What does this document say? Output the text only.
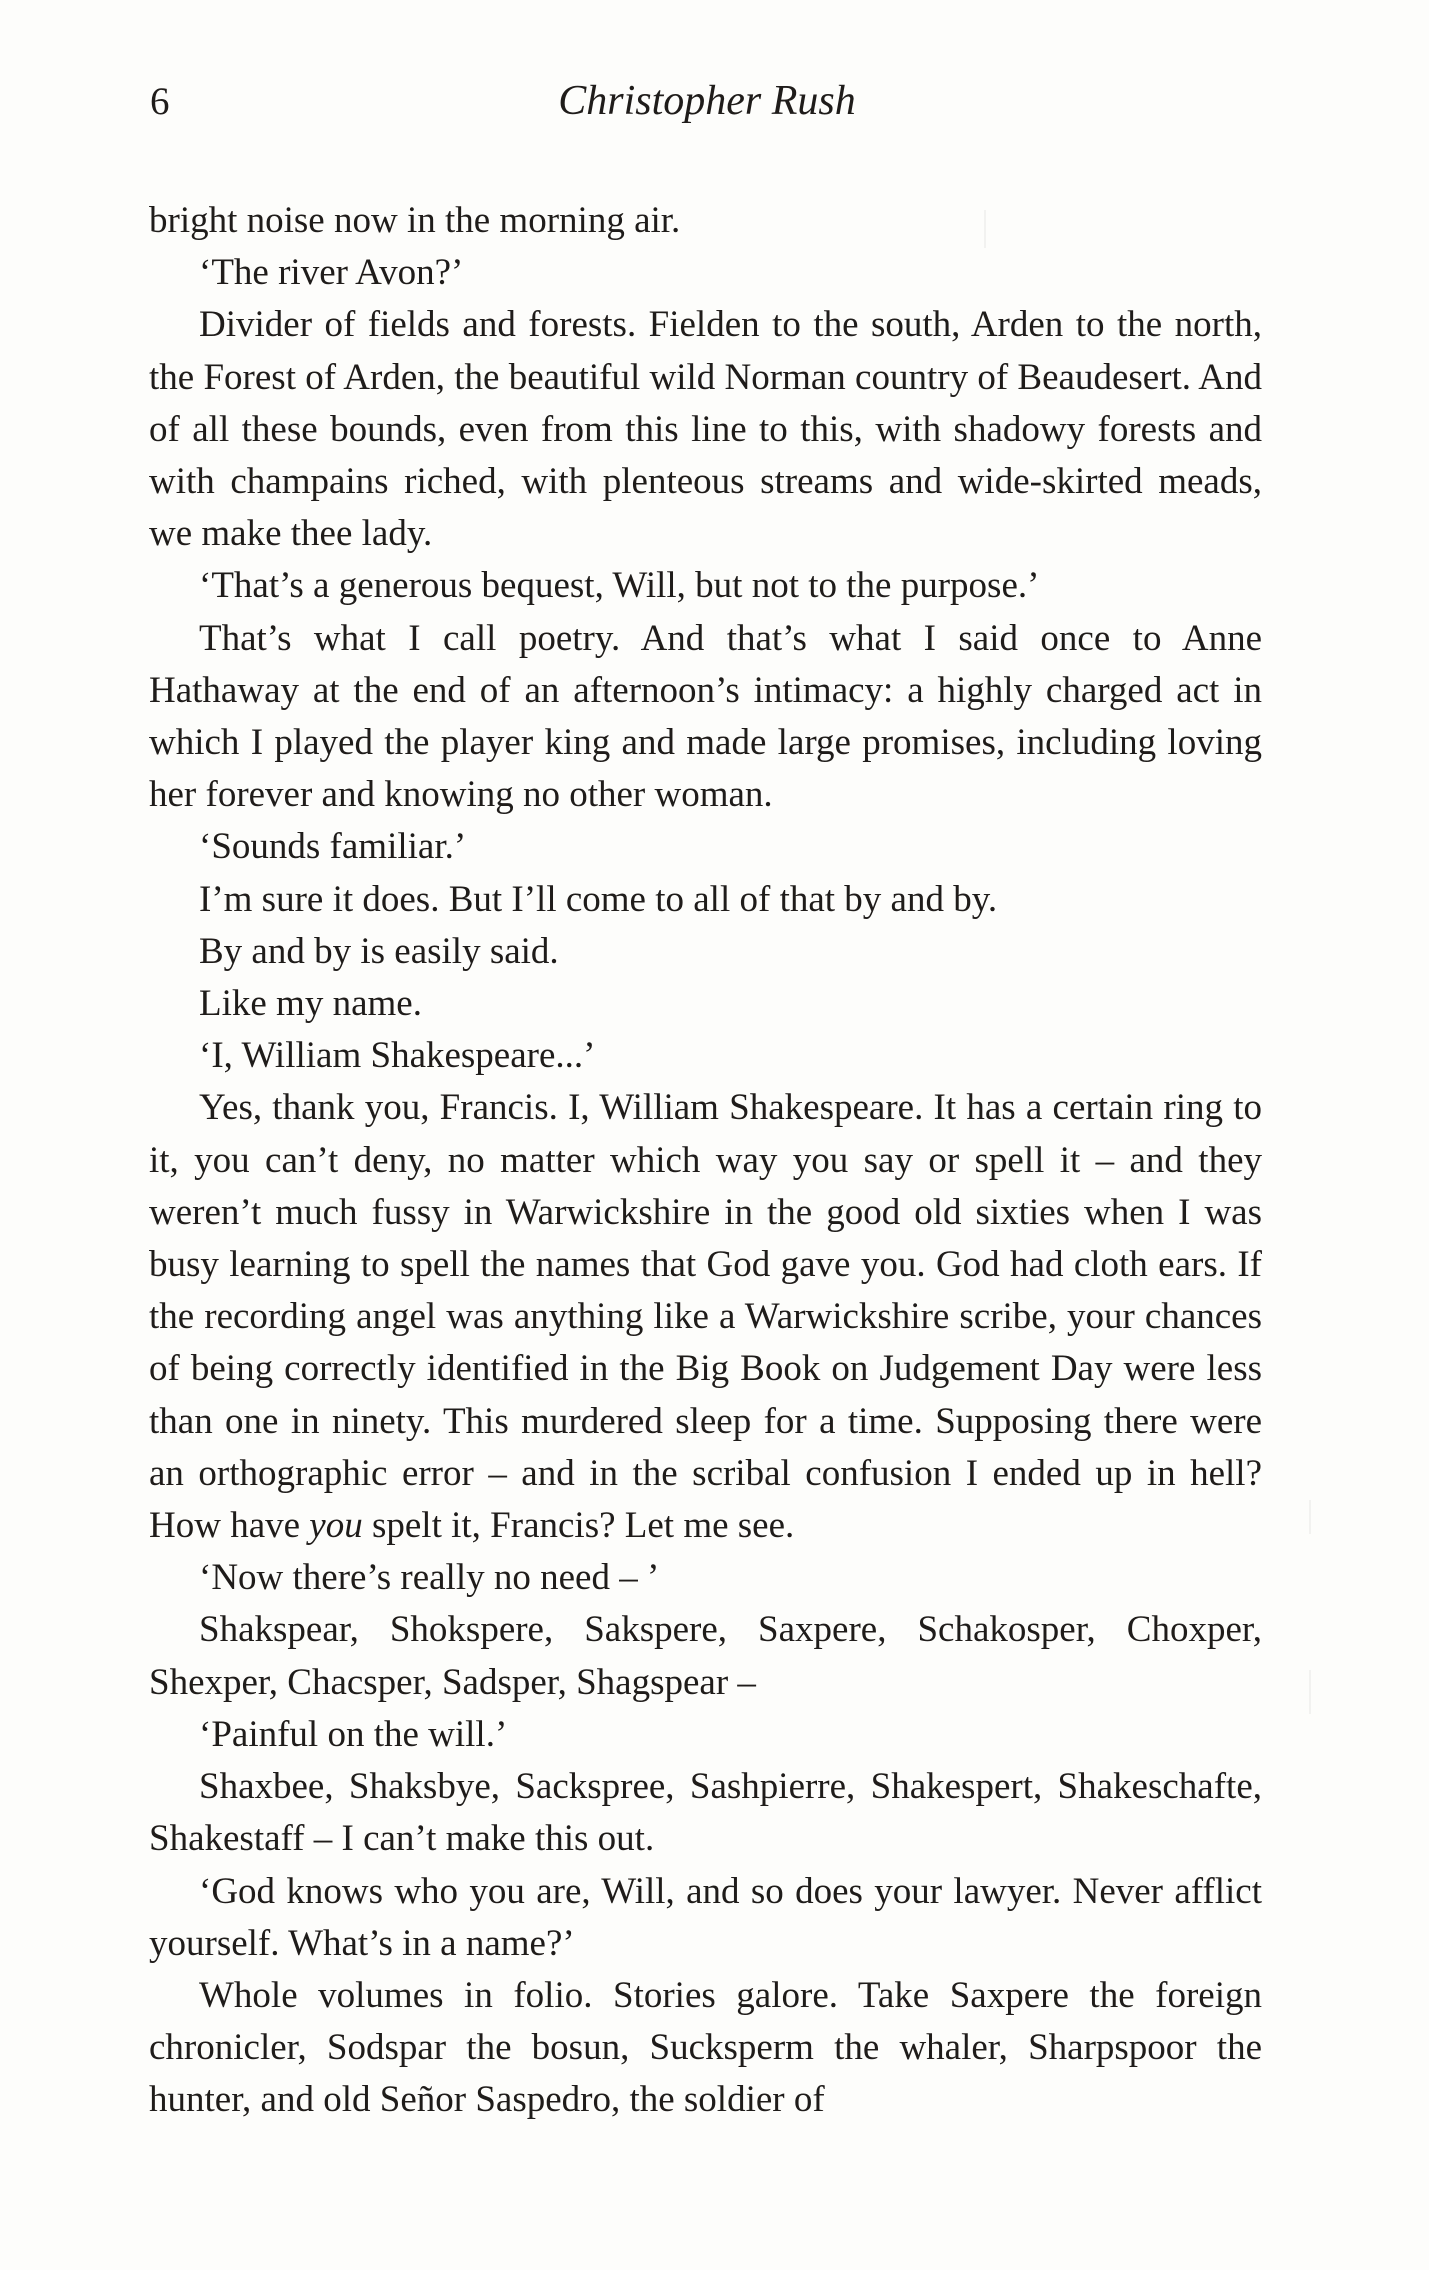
6	Christopher Rush

bright noise now in the morning air.

‘The river Avon?’

Divider of fields and forests. Fielden to the south, Arden to the north, the Forest of Arden, the beautiful wild Norman country of Beaudesert. And of all these bounds, even from this line to this, with shadowy forests and with champains riched, with plenteous streams and wide-skirted meads, we make thee lady.

‘That’s a generous bequest, Will, but not to the purpose.’

That’s what I call poetry. And that’s what I said once to Anne Hathaway at the end of an afternoon’s intimacy: a highly charged act in which I played the player king and made large promises, including loving her forever and knowing no other woman.

‘Sounds familiar.’

I’m sure it does. But I’ll come to all of that by and by.

By and by is easily said.

Like my name.

‘I, William Shakespeare...’

Yes, thank you, Francis. I, William Shakespeare. It has a certain ring to it, you can’t deny, no matter which way you say or spell it – and they weren’t much fussy in Warwickshire in the good old sixties when I was busy learning to spell the names that God gave you. God had cloth ears. If the recording angel was anything like a Warwickshire scribe, your chances of being correctly identified in the Big Book on Judgement Day were less than one in ninety. This murdered sleep for a time. Supposing there were an orthographic error – and in the scribal confusion I ended up in hell? How have you spelt it, Francis? Let me see.

‘Now there’s really no need – ’

Shakspear, Shokspere, Sakspere, Saxpere, Schakosper, Choxper, Shexper, Chacsper, Sadsper, Shagspear –

‘Painful on the will.’

Shaxbee, Shaksbye, Sackspree, Sashpierre, Shakespert, Shakeschafte, Shakestaff – I can’t make this out.

‘God knows who you are, Will, and so does your lawyer. Never afflict yourself. What’s in a name?’

Whole volumes in folio. Stories galore. Take Saxpere the foreign chronicler, Sodspar the bosun, Sucksperm the whaler, Sharpspoor the hunter, and old Señor Saspedro, the soldier of
